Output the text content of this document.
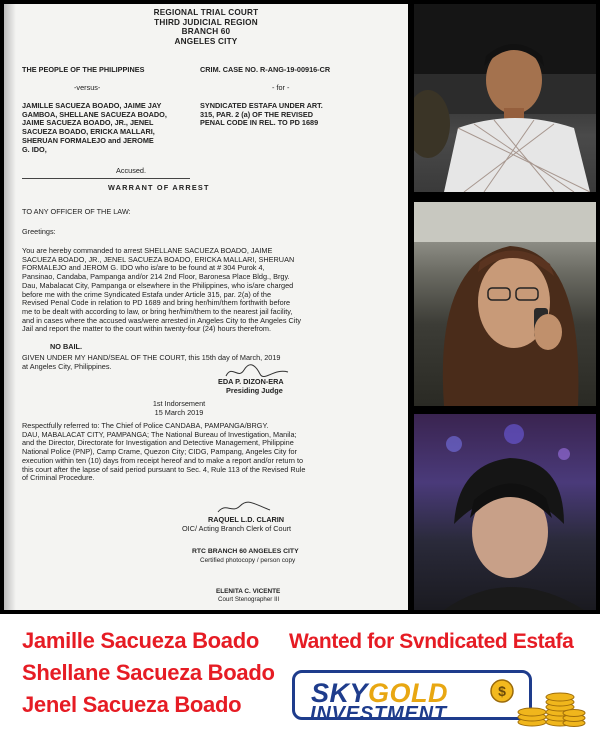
REGIONAL TRIAL COURT
THIRD JUDICIAL REGION
BRANCH 60
ANGELES CITY
THE PEOPLE OF THE PHILIPPINES	CRIM. CASE NO. R-ANG-19-00916-CR
-versus-	- for -
JAMILLE SACUEZA BOADO, JAIME JAY
GAMBOA, SHELLANE SACUEZA BOADO,
JAIME SACUEZA BOADO, JR., JENEL
SACUEZA BOADO, ERICKA MALLARI,
SHERUAN FORMALEJO and JEROME
G. IDO,
SYNDICATED ESTAFA UNDER ART.
315, PAR. 2 (a) OF THE REVISED
PENAL CODE IN REL. TO PD 1689
Accused.
WARRANT OF ARREST
TO ANY OFFICER OF THE LAW:
Greetings:
You are hereby commanded to arrest SHELLANE SACUEZA BOADO, JAIME
SACUEZA BOADO, JR., JENEL SACUEZA BOADO, ERICKA MALLARI, SHERUAN
FORMALEJO and JEROM G. IDO who is/are to be found at # 304 Purok 4,
Pansinao, Candaba, Pampanga and/or 214 2nd Floor, Baronesa Place Bldg., Brgy.
Dau, Mabalacat City, Pampanga or elsewhere in the Philippines, who is/are charged
before me with the crime Syndicated Estafa under Article 315, par. 2(a) of the
Revised Penal Code in relation to PD 1689 and bring her/him/them forthwith before
me to be dealt with according to law, or bring her/him/them to the nearest jail facility,
and in cases where the accused was/were arrested in Angeles City to the Angeles City
Jail and report the matter to the court within twenty-four (24) hours therefrom.
NO BAIL.
GIVEN UNDER MY HAND/SEAL OF THE COURT, this 15th day of March, 2019
at Angeles City, Philippines.
EDA P. DIZON-ERA
Presiding Judge
1st Indorsement
15 March 2019
Respectfully referred to: The Chief of Police CANDABA, PAMPANGA/BRGY.
DAU, MABALACAT CITY, PAMPANGA; The National Bureau of Investigation, Manila;
and the Director, Directorate for Investigation and Detective Management, Philippine
National Police (PNP), Camp Crame, Quezon City; CIDG, Pampang, Angeles City for
execution within ten (10) days from receipt hereof and to make a report and/or return to
this court after the lapse of said period pursuant to Sec. 4, Rule 113 of the Revised Rule
of Criminal Procedure.
RAQUEL L.D. CLARIN
OIC/ Acting Branch Clerk of Court
RTC BRANCH 60 ANGELES CITY
Certified photocopy / person copy
ELENITA C. VICENTE
Court Stenographer III
Jamille Sacueza Boado
Shellane Sacueza Boado
Jenel Sacueza Boado
Wanted for Svndicated Estafa
SKYGOLD	$
INVESTMENT
